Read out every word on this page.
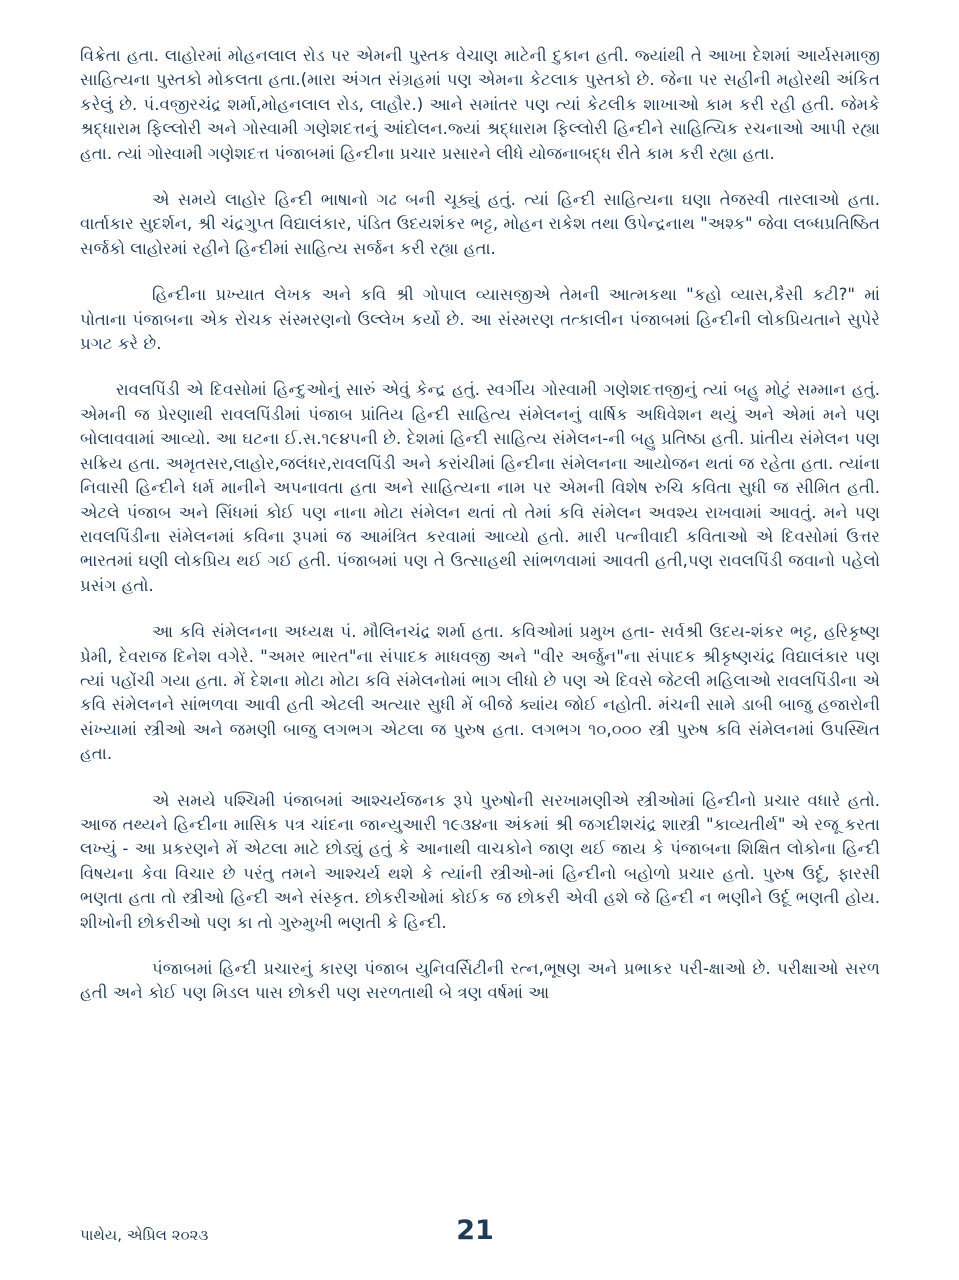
વિક્રેતા હતા. લાહોરમાં મોહનલાલ રોડ પર એમની પુસ્તક વેચાણ માટેની દુકાન હતી. જ્યાંથી તે આખા દેશમાં આર્યસમાજી સાહિત્યના પુસ્તકો મોકલતા હતા.(મારા અંગત સંગ્રહમાં પણ એમના કેટલાક પુસ્તકો છે. જેના પર સહીની મહોરથી અંકિત કરેલું છે. પં.વજીરચંદ્ર શર્મા,મોહનલાલ રોડ, લાહૌર.) આને સમાંતર પણ ત્યાં કેટલીક શાખાઓ કામ કરી રહી હતી. જેમકે શ્રદ્ધારામ ફિલ્લોરી અને ગોસ્વામી ગણેશદત્તનું આંદોલન.જ્યાં શ્રદ્ધારામ ફિલ્લોરી હિન્દીને સાહિત્યિક રચનાઓ આપી રહ્યા હતા. ત્યાં ગોસ્વામી ગણેશદત્ત પંજાબમાં હિન્દીના પ્રચાર પ્રસારને લીધે યોજનાબદ્ધ રીતે કામ કરી રહ્યા હતા.

એ સમયે લાહોર હિન્દી ભાષાનો ગઢ બની ચૂક્યું હતું. ત્યાં હિન્દી સાહિત્યના ઘણા તેજસ્વી તારલાઓ હતા. વાર્તાકાર સુદર્શન, શ્રી ચંદ્રગુપ્ત વિદ્યાલંકાર, પંડિત ઉદયશંકર ભટ્ટ, મોહન રાકેશ તથા ઉપેન્દ્રનાથ "અશ્ક" જેવા લબ્ધપ્રતિષ્ઠિત સર્જકો લાહોરમાં રહીને હિન્દીમાં સાહિત્ય સર્જન કરી રહ્યા હતા.

હિન્દીના પ્રખ્યાત લેખક અને કવિ શ્રી ગોપાલ વ્યાસજીએ તેમની આત્મકથા "કહો વ્યાસ,કૈસી કટી?" માં પોતાના પંજાબના એક રોચક સંસ્મરણનો ઉલ્લેખ કર્યો છે. આ સંસ્મરણ તત્કાલીન પંજાબમાં હિન્દીની લોકપ્રિયતાને સુપેરે પ્રગટ કરે છે.

રાવલપિંડી એ દિવસોમાં હિન્દુઓનું સારું એવું કેન્દ્ર હતું. સ્વર્ગીય ગોસ્વામી ગણેશદત્તજીનું ત્યાં બહુ મોટું સમ્માન હતું. એમની જ પ્રેરણાથી રાવલપિંડીમાં પંજાબ પ્રાંતિય હિન્દી સાહિત્ય સંમેલનનું વાર્ષિક અધિવેશન થયું અને એમાં મને પણ બોલાવવામાં આવ્યો. આ ઘટના ઈ.સ.૧૯૪૫ની છે. દેશમાં હિન્દી સાહિત્ય સંમેલન-ની બહુ પ્રતિષ્ઠા હતી. પ્રાંતીય સંમેલન પણ સક્રિય હતા. અમૃતસર,લાહોર,જલંધર,રાવલપિંડી અને કરાંચીમાં હિન્દીના સંમેલનના આયોજન થતાં જ રહેતા હતા. ત્યાંના નિવાસી હિન્દીને ધર્મ માનીને અપનાવતા હતા અને સાહિત્યના નામ પર એમની વિશેષ રુચિ કવિતા સુધી જ સીમિત હતી. એટલે પંજાબ અને સિંધમાં કોઈ પણ નાના મોટા સંમેલન થતાં તો તેમાં કવિ સંમેલન અવશ્ય રાખવામાં આવતું. મને પણ રાવલપિંડીના સંમેલનમાં કવિના રૂપમાં જ આમંત્રિત કરવામાં આવ્યો હતો. મારી પત્નીવાદી કવિતાઓ એ દિવસોમાં ઉત્તર ભારતમાં ઘણી લોકપ્રિય થઈ ગઈ હતી. પંજાબમાં પણ તે ઉત્સાહથી સાંભળવામાં આવતી હતી,પણ રાવલપિંડી જવાનો પહેલો પ્રસંગ હતો.

આ કવિ સંમેલનના અધ્યક્ષ પં. મૌલિનચંદ્ર શર્મા હતા. કવિઓમાં પ્રમુખ હતા- સર્વશ્રી ઉદય-શંકર ભટ્ટ, હરિકૃષ્ણ પ્રેમી, દેવરાજ દિનેશ વગેરે. "અમર ભારત"ના સંપાદક માધવજી અને "વીર અર્જુન"ના સંપાદક શ્રીકૃષ્ણચંદ્ર વિદ્યાલંકાર પણ ત્યાં પહોંચી ગયા હતા. મેં દેશના મોટા મોટા કવિ સંમેલનોમાં ભાગ લીધો છે પણ એ દિવસે જેટલી મહિલાઓ રાવલપિંડીના એ કવિ સંમેલનને સાંભળવા આવી હતી એટલી અત્યાર સુધી મેં બીજે ક્યાંય જોઈ નહોતી. મંચની સામે ડાબી બાજુ હજારોની સંખ્યામાં સ્ત્રીઓ અને જમણી બાજુ લગભગ એટલા જ પુરુષ હતા. લગભગ ૧૦,૦૦૦ સ્ત્રી પુરુષ કવિ સંમેલનમાં ઉપસ્થિત હતા.

એ સમયે પશ્ચિમી પંજાબમાં આશ્ચર્યજનક રૂપે પુરુષોની સરખામણીએ સ્ત્રીઓમાં હિન્દીનો પ્રચાર વધારે હતો. આજ તથ્યને હિન્દીના માસિક પત્ર ચાંદના જાન્યુઆરી ૧૯૩૪ના અંકમાં શ્રી જગદીશચંદ્ર શાસ્ત્રી "કાવ્યતીર્થ" એ રજૂ કરતા લખ્યું - આ પ્રકરણને મેં એટલા માટે છોડ્યું હતું કે આનાથી વાચકોને જાણ થઈ જાય કે પંજાબના શિક્ષિત લોકોના હિન્દી વિષયના કેવા વિચાર છે પરંતુ તમને આશ્ચર્ય થશે કે ત્યાંની સ્ત્રીઓ-માં હિન્દીનો બહોળો પ્રચાર હતો. પુરુષ ઉર્દૂ, ફારસી ભણતા હતા તો સ્ત્રીઓ હિન્દી અને સંસ્કૃત. છોકરીઓમાં કોઈક જ છોકરી એવી હશે જે હિન્દી ન ભણીને ઉર્દૂ ભણતી હોય. શીખોની છોકરીઓ પણ કા તો ગુરુમુખી ભણતી કે હિન્દી.

પંજાબમાં હિન્દી પ્રચારનું કારણ પંજાબ યુનિવર્સિટીની રત્ન,ભૂષણ અને પ્રભાકર પરી-ક્ષાઓ છે. પરીક્ષાઓ સરળ હતી અને કોઈ પણ મિડલ પાસ છોકરી પણ સરળતાથી બે ત્રણ વર્ષમાં આ

પાથેય, એપ્રિલ ૨૦૨૩	21
